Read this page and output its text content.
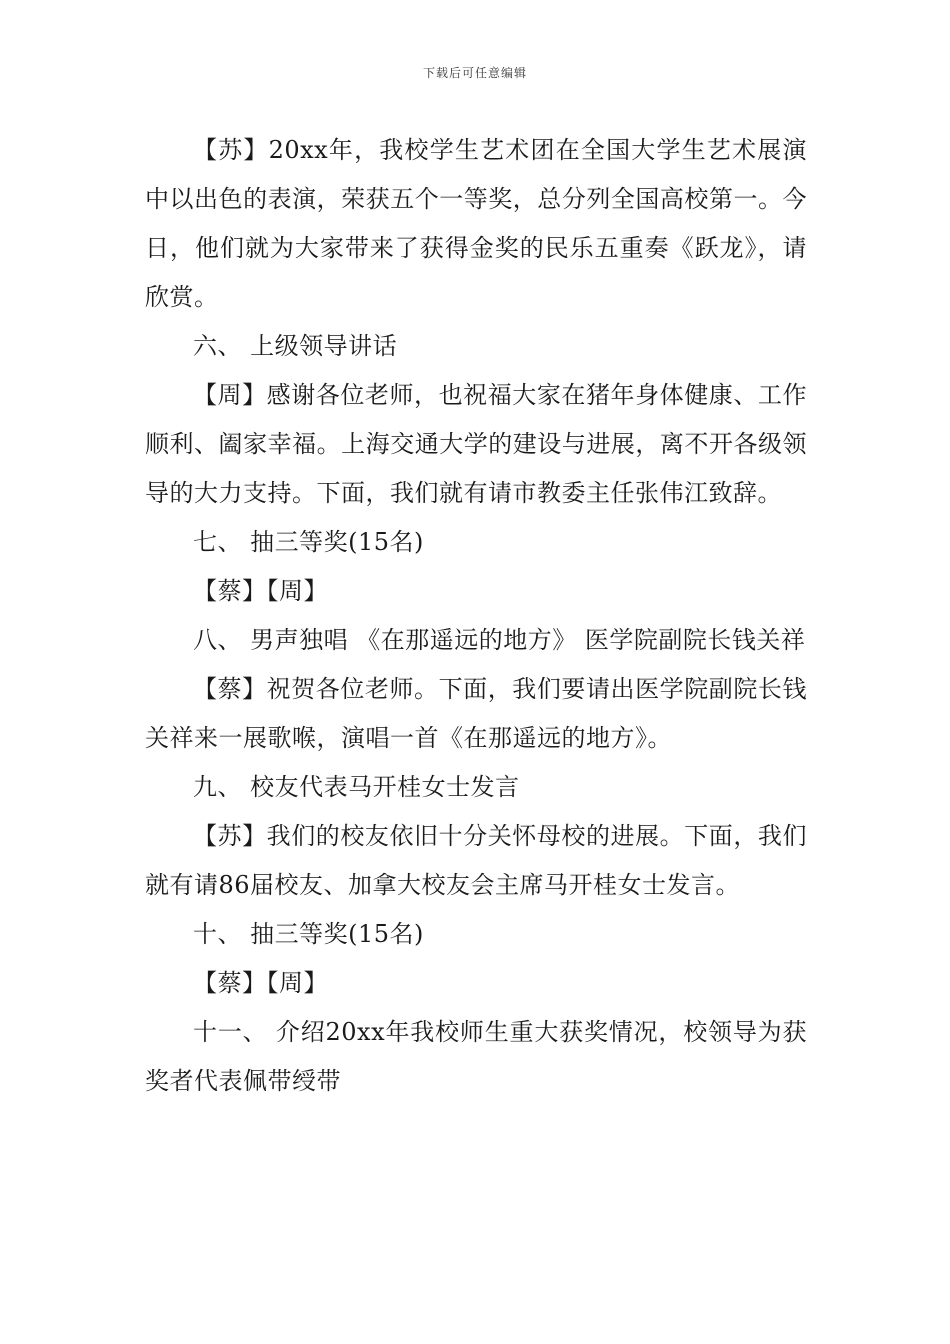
下载后可任意编辑

【苏】20xx年，我校学生艺术团在全国大学生艺术展演中以出色的表演，荣获五个一等奖，总分列全国高校第一。今日，他们就为大家带来了获得金奖的民乐五重奏《跃龙》，请欣赏。

六、 上级领导讲话

【周】感谢各位老师，也祝福大家在猪年身体健康、工作顺利、阖家幸福。上海交通大学的建设与进展，离不开各级领导的大力支持。下面，我们就有请市教委主任张伟江致辞。

七、 抽三等奖(15名)

【蔡】【周】

八、 男声独唱 《在那遥远的地方》 医学院副院长钱关祥

【蔡】祝贺各位老师。下面，我们要请出医学院副院长钱关祥来一展歌喉，演唱一首《在那遥远的地方》。

九、 校友代表马开桂女士发言

【苏】我们的校友依旧十分关怀母校的进展。下面，我们就有请86届校友、加拿大校友会主席马开桂女士发言。

十、 抽三等奖(15名)

【蔡】【周】

十一、 介绍20xx年我校师生重大获奖情况，校领导为获奖者代表佩带绶带
